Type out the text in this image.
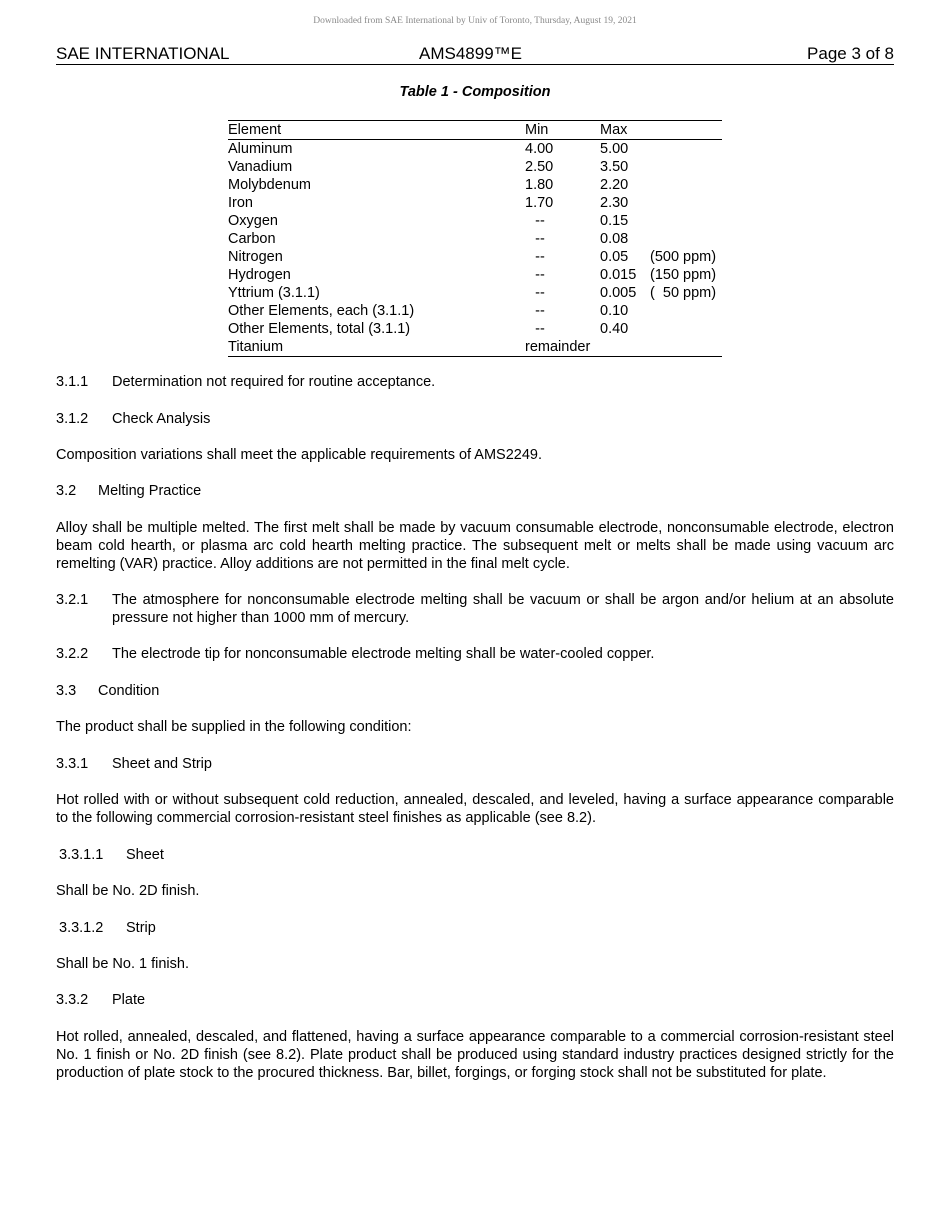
Downloaded from SAE International by Univ of Toronto, Thursday, August 19, 2021
SAE INTERNATIONAL	AMS4899™E	Page 3 of 8
Table 1 - Composition
Element	Min	Max
Aluminum	4.00	5.00
Vanadium	2.50	3.50
Molybdenum	1.80	2.20
Iron	1.70	2.30
Oxygen	--	0.15
Carbon	--	0.08
Nitrogen	--	0.05 (500 ppm)
Hydrogen	--	0.015 (150 ppm)
Yttrium (3.1.1)	--	0.005 (  50 ppm)
Other Elements, each (3.1.1)	--	0.10
Other Elements, total (3.1.1)	--	0.40
Titanium	remainder
3.1.1 Determination not required for routine acceptance.
3.1.2 Check Analysis
Composition variations shall meet the applicable requirements of AMS2249.
3.2 Melting Practice
Alloy shall be multiple melted. The first melt shall be made by vacuum consumable electrode, nonconsumable electrode, electron beam cold hearth, or plasma arc cold hearth melting practice. The subsequent melt or melts shall be made using vacuum arc remelting (VAR) practice. Alloy additions are not permitted in the final melt cycle.
3.2.1 The atmosphere for nonconsumable electrode melting shall be vacuum or shall be argon and/or helium at an absolute pressure not higher than 1000 mm of mercury.
3.2.2 The electrode tip for nonconsumable electrode melting shall be water-cooled copper.
3.3 Condition
The product shall be supplied in the following condition:
3.3.1 Sheet and Strip
Hot rolled with or without subsequent cold reduction, annealed, descaled, and leveled, having a surface appearance comparable to the following commercial corrosion-resistant steel finishes as applicable (see 8.2).
3.3.1.1 Sheet
Shall be No. 2D finish.
3.3.1.2 Strip
Shall be No. 1 finish.
3.3.2 Plate
Hot rolled, annealed, descaled, and flattened, having a surface appearance comparable to a commercial corrosion-resistant steel No. 1 finish or No. 2D finish (see 8.2). Plate product shall be produced using standard industry practices designed strictly for the production of plate stock to the procured thickness. Bar, billet, forgings, or forging stock shall not be substituted for plate.
